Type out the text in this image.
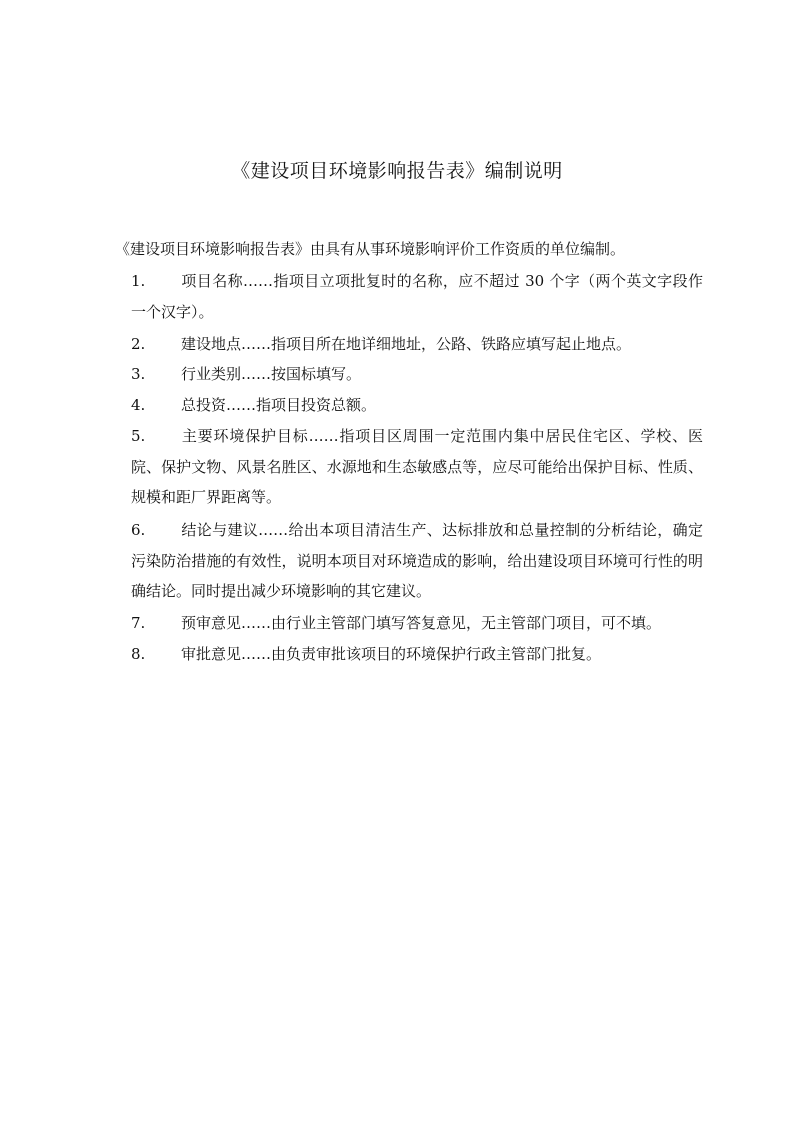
《建设项目环境影响报告表》编制说明
《建设项目环境影响报告表》由具有从事环境影响评价工作资质的单位编制。
1. 项目名称……指项目立项批复时的名称，应不超过 30 个字（两个英文字段作一个汉字）。
2. 建设地点……指项目所在地详细地址，公路、铁路应填写起止地点。
3. 行业类别……按国标填写。
4. 总投资……指项目投资总额。
5. 主要环境保护目标……指项目区周围一定范围内集中居民住宅区、学校、医院、保护文物、风景名胜区、水源地和生态敏感点等，应尽可能给出保护目标、性质、规模和距厂界距离等。
6. 结论与建议……给出本项目清洁生产、达标排放和总量控制的分析结论，确定污染防治措施的有效性，说明本项目对环境造成的影响，给出建设项目环境可行性的明确结论。同时提出减少环境影响的其它建议。
7. 预审意见……由行业主管部门填写答复意见，无主管部门项目，可不填。
8. 审批意见……由负责审批该项目的环境保护行政主管部门批复。
